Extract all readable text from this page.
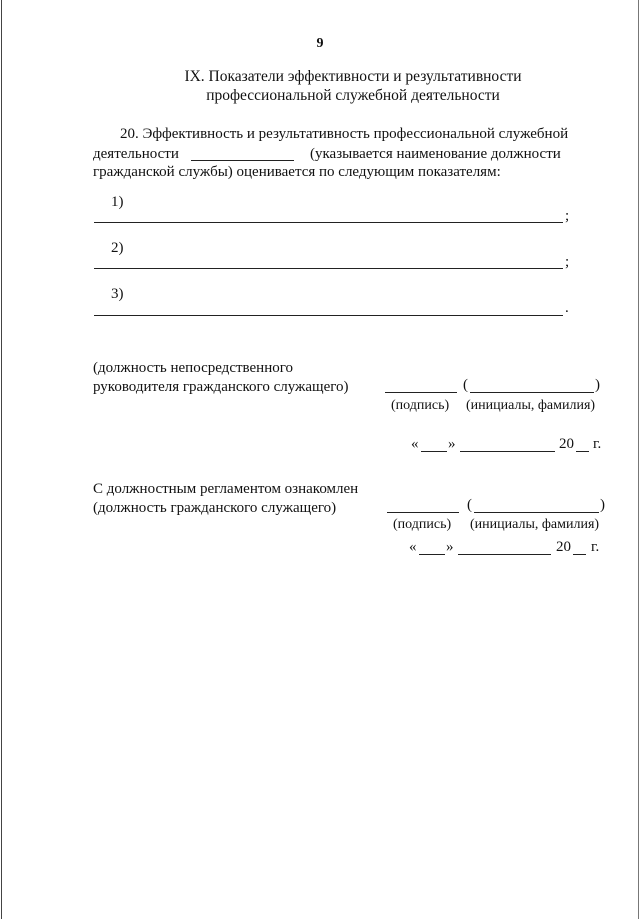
9
IX. Показатели эффективности и результативности
профессиональной служебной деятельности
20. Эффективность и результативность профессиональной служебной
деятельности	(указывается наименование должности
гражданской службы) оценивается по следующим показателям:
1)
;
2)
;
3)
.
(должность непосредственного
руководителя гражданского служащего)	(	)
(подпись) (инициалы, фамилия)
« »	20 г.
С должностным регламентом ознакомлен
(должность гражданского служащего)	(	)
(подпись) (инициалы, фамилия)
« »	20 г.
